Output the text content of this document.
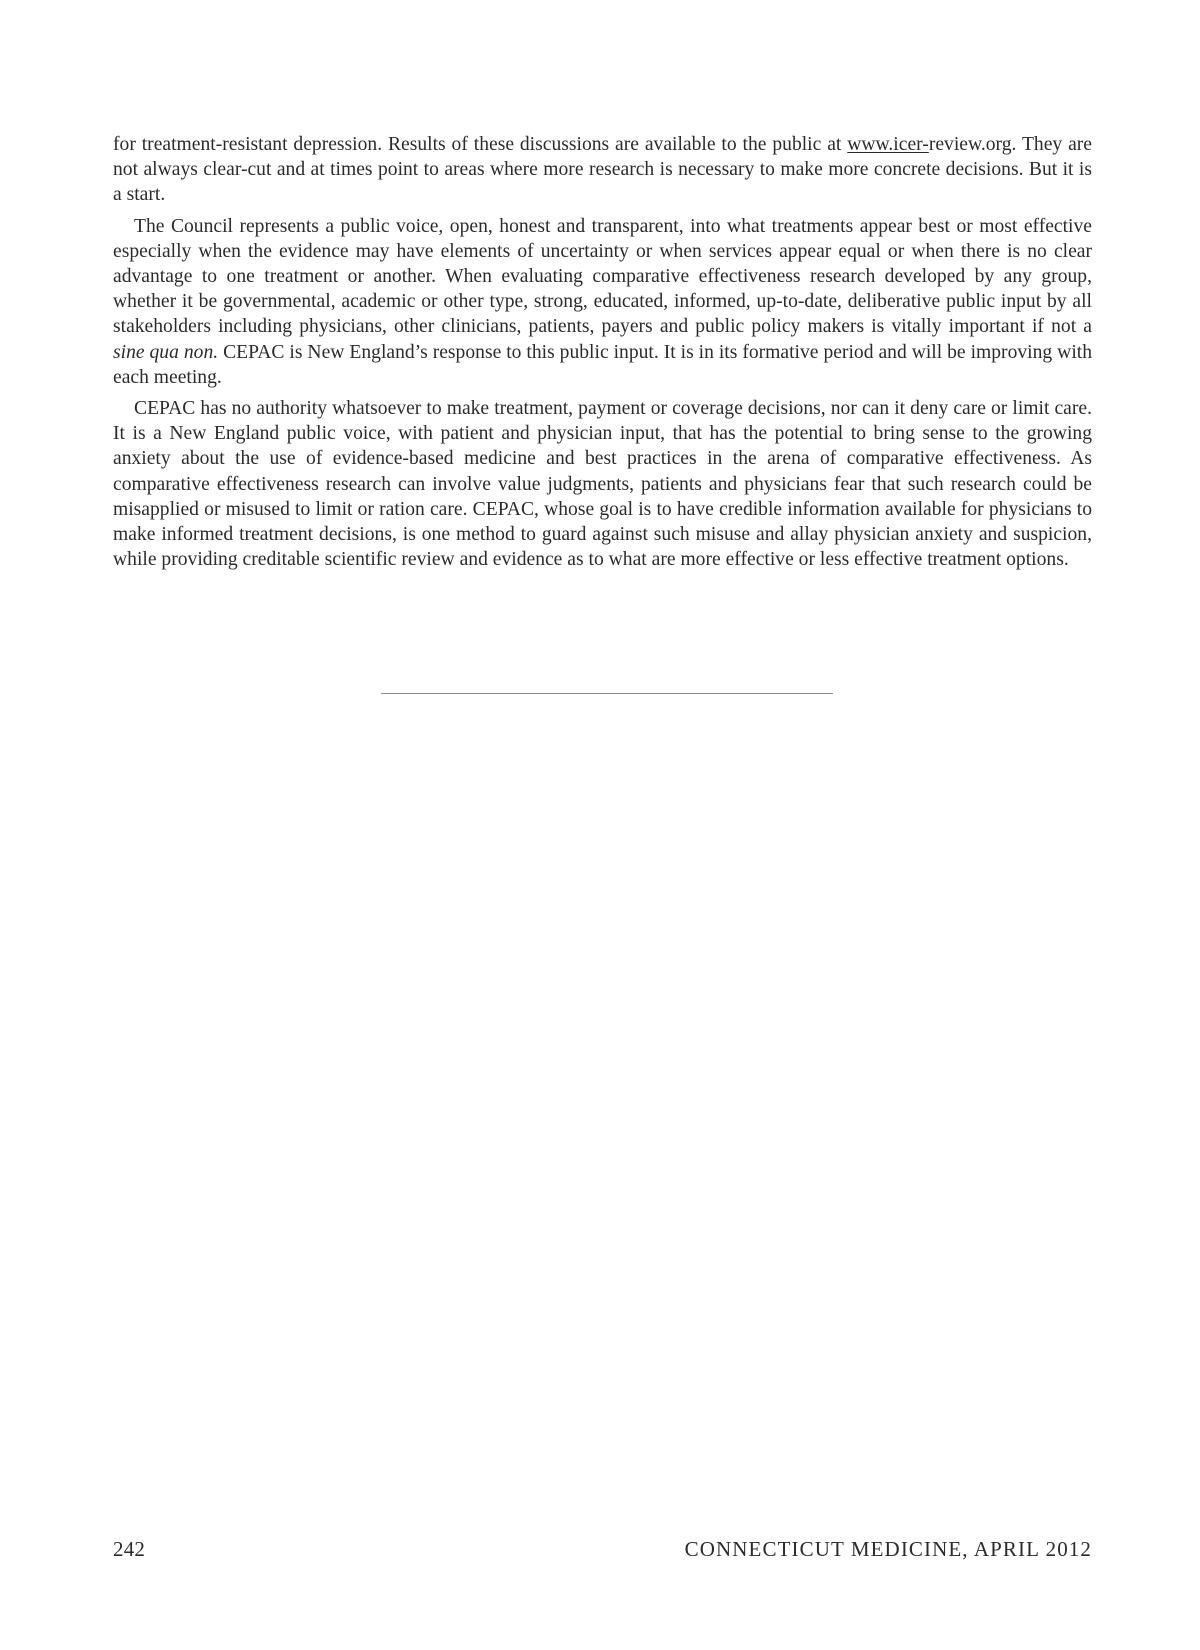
for treatment-resistant depression. Results of these discussions are available to the public at www.icer-review.org. They are not always clear-cut and at times point to areas where more research is necessary to make more concrete decisions. But it is a start.

The Council represents a public voice, open, honest and transparent, into what treatments appear best or most effective especially when the evidence may have elements of uncertainty or when services appear equal or when there is no clear advantage to one treatment or another. When evaluating comparative effectiveness research developed by any group, whether it be governmental, academic or other type, strong, educated, informed, up-to-date, deliberative public input by all stakeholders including physicians, other clinicians, patients, payers and public policy makers is vitally important if not a sine qua non. CEPAC is New England’s response to this public input. It is in its formative period and will be improving with each meeting.

CEPAC has no authority whatsoever to make treatment, payment or coverage decisions, nor can it deny care or limit care. It is a New England public voice, with patient and physician input, that has the potential to bring sense to the growing anxiety about the use of evidence-based medicine and best practices in the arena of comparative effectiveness. As comparative effectiveness research can involve value judgments, patients and physicians fear that such research could be misapplied or misused to limit or ration care. CEPAC, whose goal is to have credible information available for physicians to make informed treatment decisions, is one method to guard against such misuse and allay physician anxiety and suspicion, while providing creditable scientific review and evidence as to what are more effective or less effective treatment options.

242	CONNECTICUT MEDICINE, APRIL 2012
